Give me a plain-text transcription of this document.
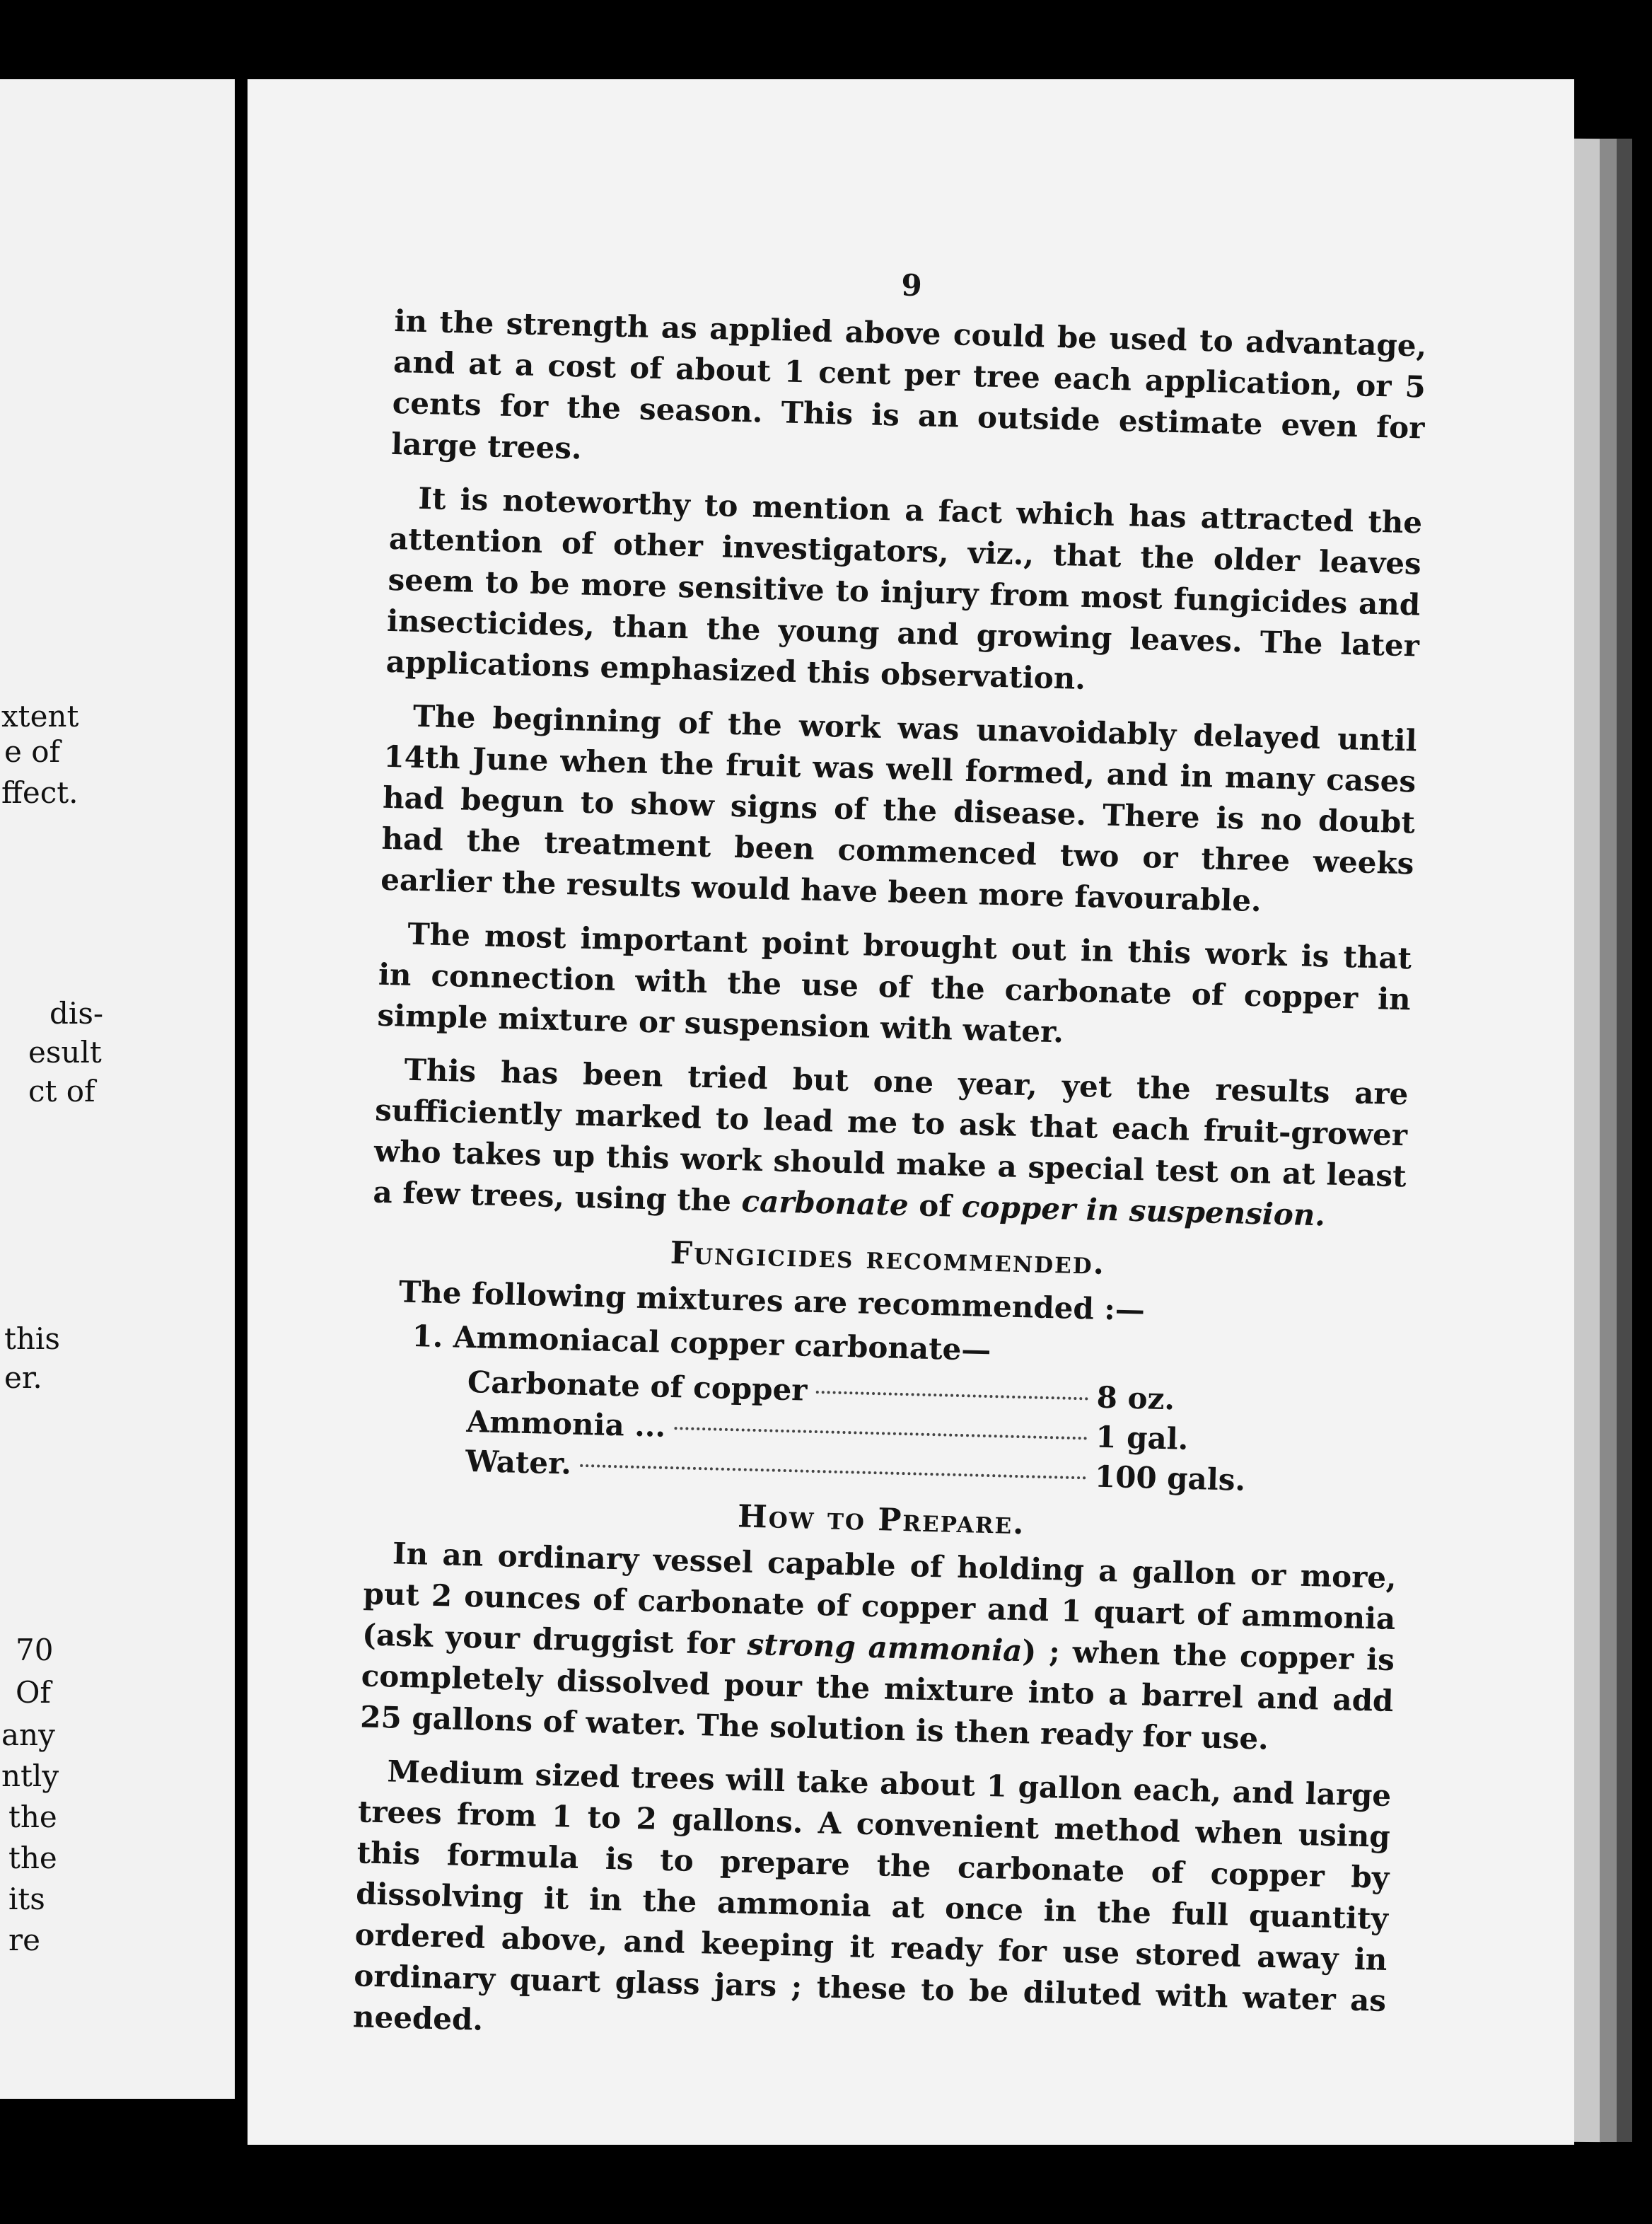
xtent
e of
ffect.
dis-
esult
ct of
this
er.
70
Of
any
ntly
the
the
its
re
9

in the strength as applied above could be used to advantage, and at a cost of about 1 cent per tree each application, or 5 cents for the season. This is an outside estimate even for large trees.

It is noteworthy to mention a fact which has attracted the attention of other investigators, viz., that the older leaves seem to be more sensitive to injury from most fungicides and insecticides, than the young and growing leaves. The later applications emphasized this observation.

The beginning of the work was unavoidably delayed until 14th June when the fruit was well formed, and in many cases had begun to show signs of the disease. There is no doubt had the treatment been commenced two or three weeks earlier the results would have been more favourable.

The most important point brought out in this work is that in connection with the use of the carbonate of copper in simple mixture or suspension with water.

This has been tried but one year, yet the results are sufficiently marked to lead me to ask that each fruit-grower who takes up this work should make a special test on at least a few trees, using the carbonate of copper in suspension.

Fungicides recommended.

The following mixtures are recommended :—

1. Ammoniacal copper carbonate—
Carbonate of copper	8 oz.
Ammonia ...	1 gal.
Water.	100 gals.
How to Prepare.

In an ordinary vessel capable of holding a gallon or more, put 2 ounces of carbonate of copper and 1 quart of ammonia (ask your druggist for strong ammonia) ; when the copper is completely dissolved pour the mixture into a barrel and add 25 gallons of water. The solution is then ready for use.

Medium sized trees will take about 1 gallon each, and large trees from 1 to 2 gallons. A convenient method when using this formula is to prepare the carbonate of copper by dissolving it in the ammonia at once in the full quantity ordered above, and keeping it ready for use stored away in ordinary quart glass jars ; these to be diluted with water as needed.
